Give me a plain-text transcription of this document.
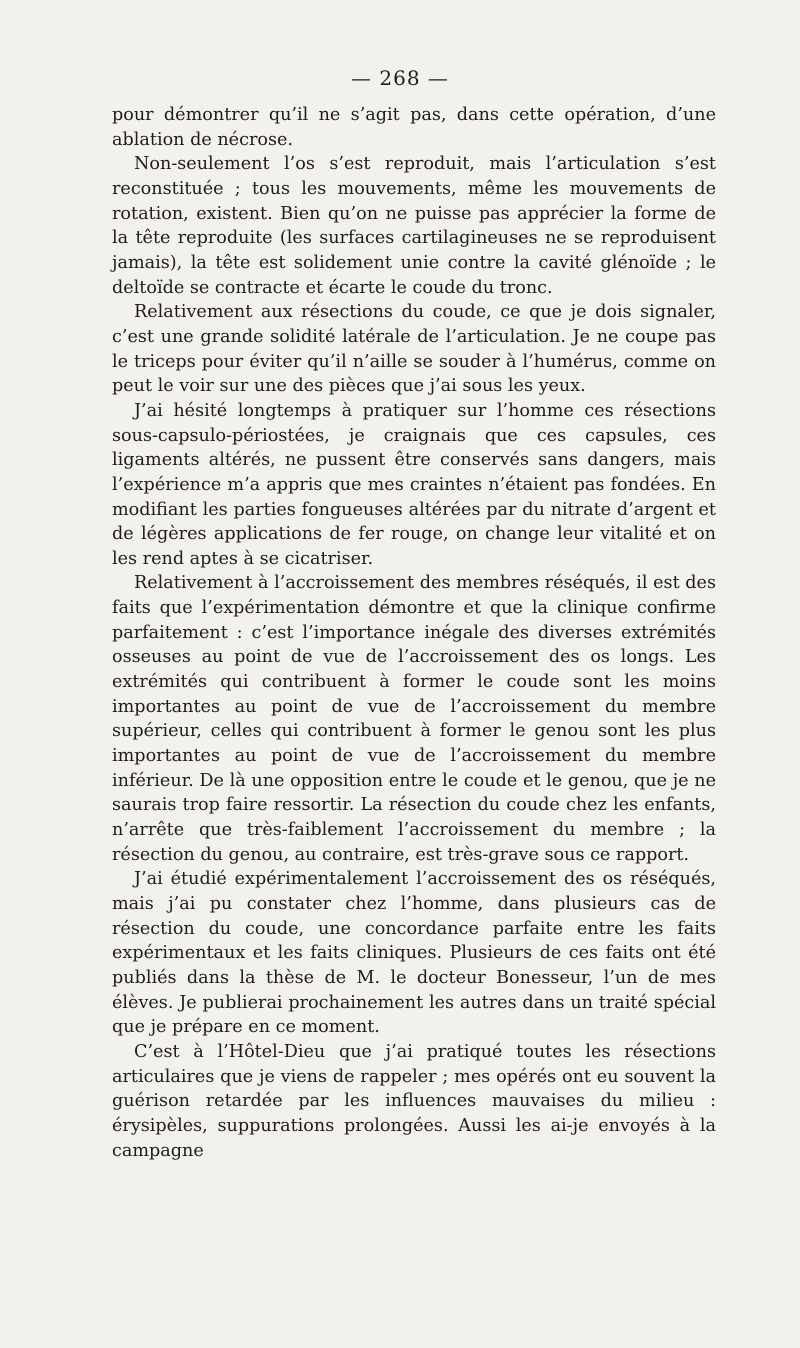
— 268 —

pour démontrer qu’il ne s’agit pas, dans cette opération, d’une ablation de nécrose.

Non-seulement l’os s’est reproduit, mais l’articulation s’est reconstituée ; tous les mouvements, même les mouvements de rotation, existent. Bien qu’on ne puisse pas apprécier la forme de la tête reproduite (les surfaces cartilagineuses ne se reproduisent jamais), la tête est solidement unie contre la cavité glénoïde ; le deltoïde se contracte et écarte le coude du tronc.

Relativement aux résections du coude, ce que je dois signaler, c’est une grande solidité latérale de l’articulation. Je ne coupe pas le triceps pour éviter qu’il n’aille se souder à l’humérus, comme on peut le voir sur une des pièces que j’ai sous les yeux.

J’ai hésité longtemps à pratiquer sur l’homme ces résections sous-capsulo-périostées, je craignais que ces capsules, ces ligaments altérés, ne pussent être conservés sans dangers, mais l’expérience m’a appris que mes craintes n’étaient pas fondées. En modifiant les parties fongueuses altérées par du nitrate d’argent et de légères applications de fer rouge, on change leur vitalité et on les rend aptes à se cicatriser.

Relativement à l’accroissement des membres réséqués, il est des faits que l’expérimentation démontre et que la clinique confirme parfaitement : c’est l’importance inégale des diverses extrémités osseuses au point de vue de l’accroissement des os longs. Les extrémités qui contribuent à former le coude sont les moins importantes au point de vue de l’accroissement du membre supérieur, celles qui contribuent à former le genou sont les plus importantes au point de vue de l’accroissement du membre inférieur. De là une opposition entre le coude et le genou, que je ne saurais trop faire ressortir. La résection du coude chez les enfants, n’arrête que très-faiblement l’accroissement du membre ; la résection du genou, au contraire, est très-grave sous ce rapport.

J’ai étudié expérimentalement l’accroissement des os réséqués, mais j’ai pu constater chez l’homme, dans plusieurs cas de résection du coude, une concordance parfaite entre les faits expérimentaux et les faits cliniques. Plusieurs de ces faits ont été publiés dans la thèse de M. le docteur Bonesseur, l’un de mes élèves. Je publierai prochainement les autres dans un traité spécial que je prépare en ce moment.

C’est à l’Hôtel-Dieu que j’ai pratiqué toutes les résections articulaires que je viens de rappeler ; mes opérés ont eu souvent la guérison retardée par les influences mauvaises du milieu : érysipèles, suppurations prolongées. Aussi les ai-je envoyés à la campagne
